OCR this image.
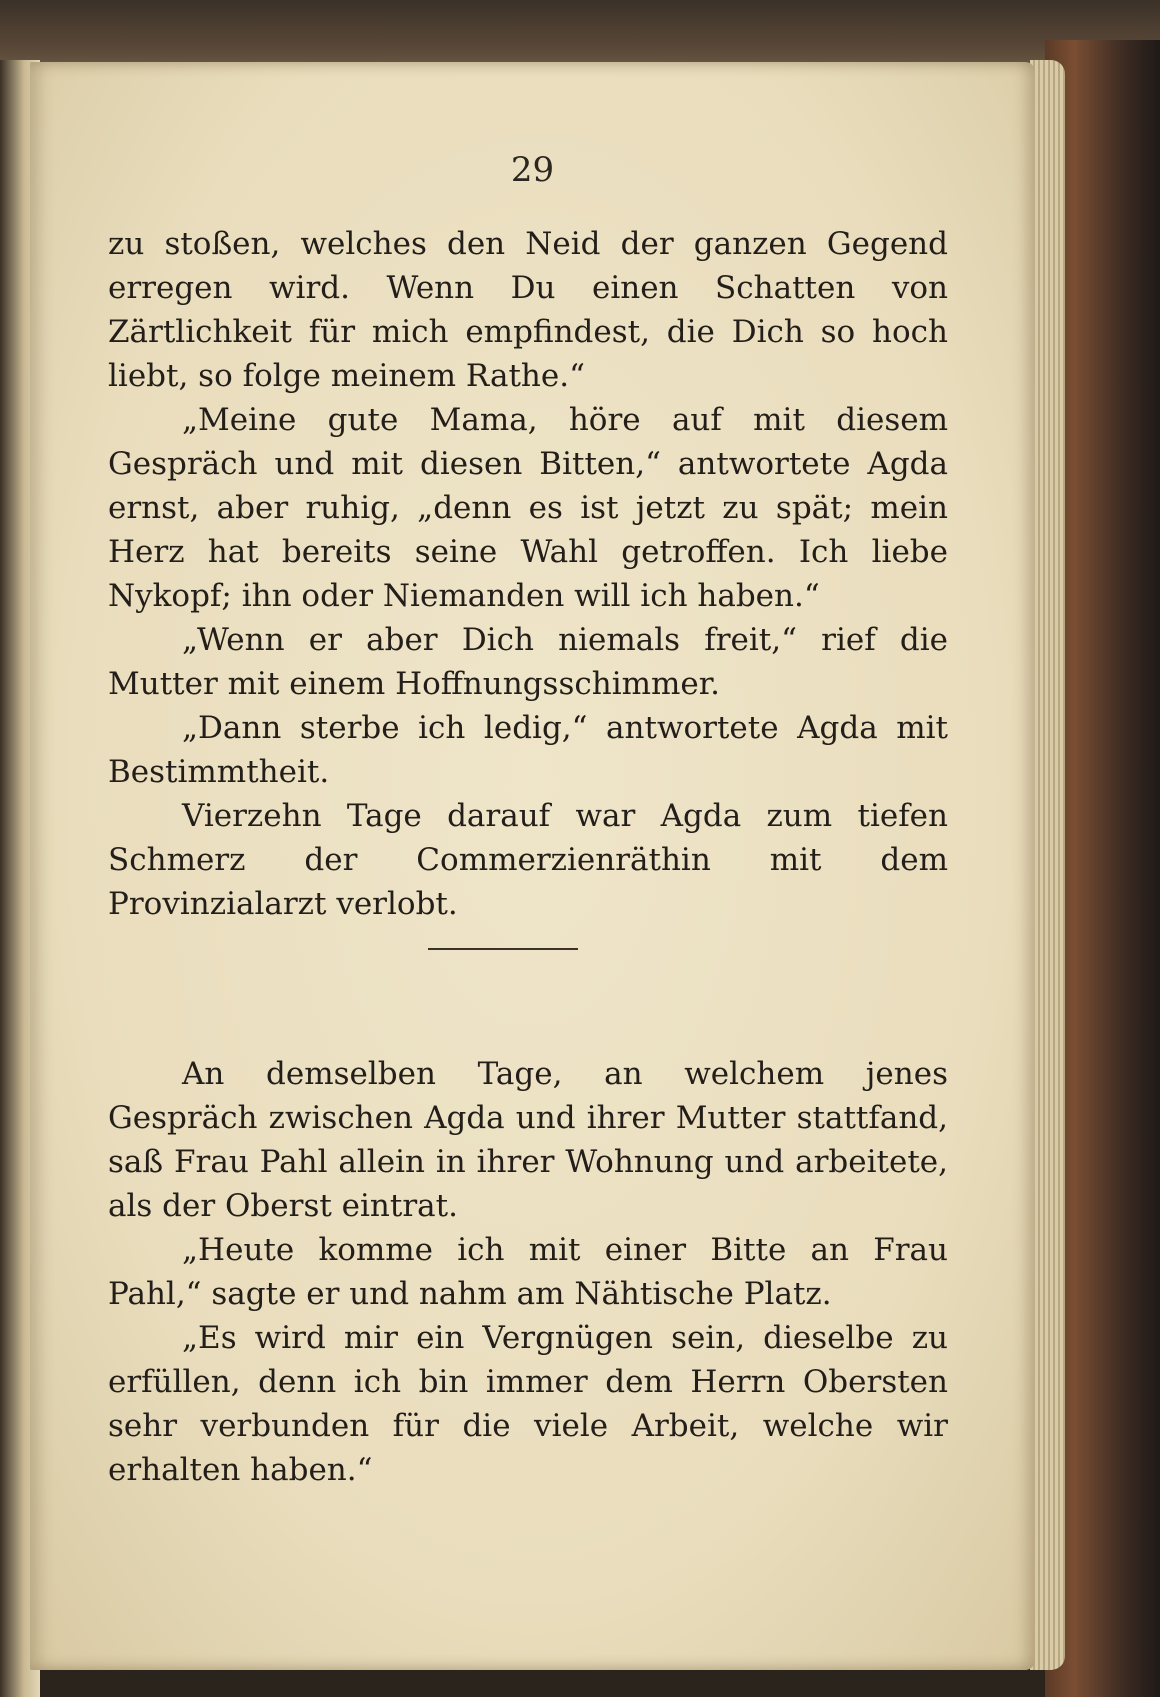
29

zu stoßen, welches den Neid der ganzen Gegend erregen wird. Wenn Du einen Schatten von Zärtlichkeit für mich empfindest, die Dich so hoch liebt, so folge meinem Rathe.“

„Meine gute Mama, höre auf mit diesem Gespräch und mit diesen Bitten,“ antwortete Agda ernst, aber ruhig, „denn es ist jetzt zu spät; mein Herz hat bereits seine Wahl getroffen. Ich liebe Nykopf; ihn oder Niemanden will ich haben.“

„Wenn er aber Dich niemals freit,“ rief die Mutter mit einem Hoffnungsschimmer.

„Dann sterbe ich ledig,“ antwortete Agda mit Bestimmtheit.

Vierzehn Tage darauf war Agda zum tiefen Schmerz der Commerzienräthin mit dem Provinzialarzt verlobt.

An demselben Tage, an welchem jenes Gespräch zwischen Agda und ihrer Mutter stattfand, saß Frau Pahl allein in ihrer Wohnung und arbeitete, als der Oberst eintrat.

„Heute komme ich mit einer Bitte an Frau Pahl,“ sagte er und nahm am Nähtische Platz.

„Es wird mir ein Vergnügen sein, dieselbe zu erfüllen, denn ich bin immer dem Herrn Obersten sehr verbunden für die viele Arbeit, welche wir erhalten haben.“
